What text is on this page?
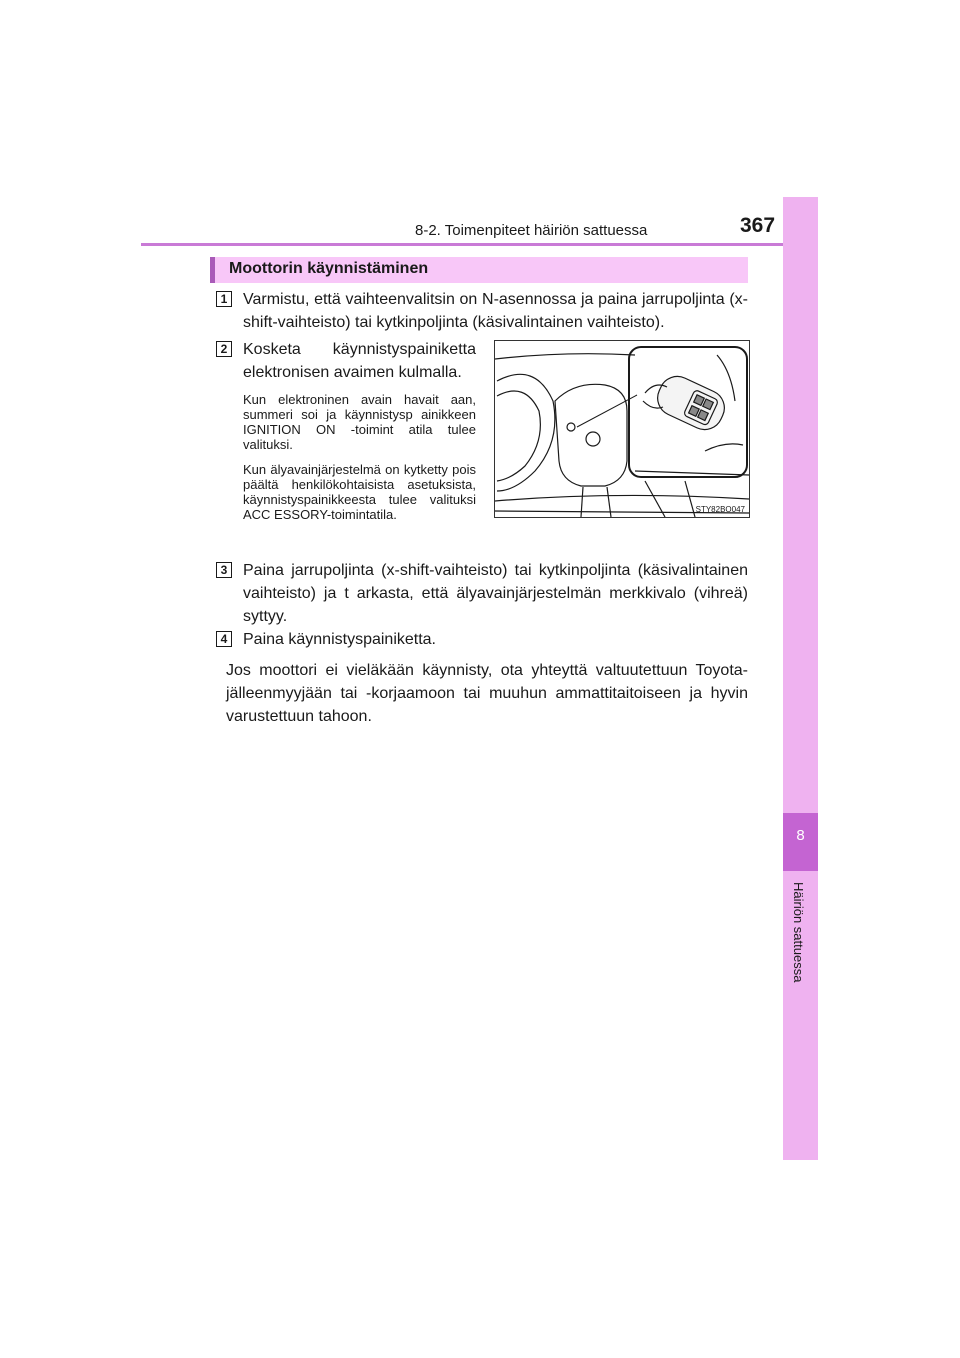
8-2. Toimenpiteet häiriön sattuessa	367
8
Häiriön sattuessa
Moottorin käynnistäminen
1 Varmistu, että vaihteenvalitsin on N-asennossa ja paina jarrupoljinta (x-shift-vaihteisto) tai kytkinpoljinta (käsivalintainen vaihteisto).
2 Kosketa käynnistyspainiketta elektronisen avaimen kulmalla.
Kun elektroninen avain havait aan, summeri soi ja käynnistysp ainikkeen IGNITION ON -toimint atila tulee valituksi.
Kun älyavainjärjestelmä on kytketty pois päältä henkilökohtaisista asetuksista, käynnistyspainikkeesta tulee valituksi ACC ESSORY-toimintatila.	STY82BO047
3 Paina jarrupoljinta (x-shift-vaihteisto) tai kytkinpoljinta (käsivalintainen vaihteisto) ja t arkasta, että älyavainjärjestelmän merkkivalo (vihreä) syttyy.
4 Paina käynnistyspainiketta.
Jos moottori ei vieläkään käynnisty, ota yhteyttä valtuutettuun Toyota-jälleenmyyjään tai -korjaamoon tai muuhun ammattitaitoiseen ja hyvin varustettuun tahoon.
